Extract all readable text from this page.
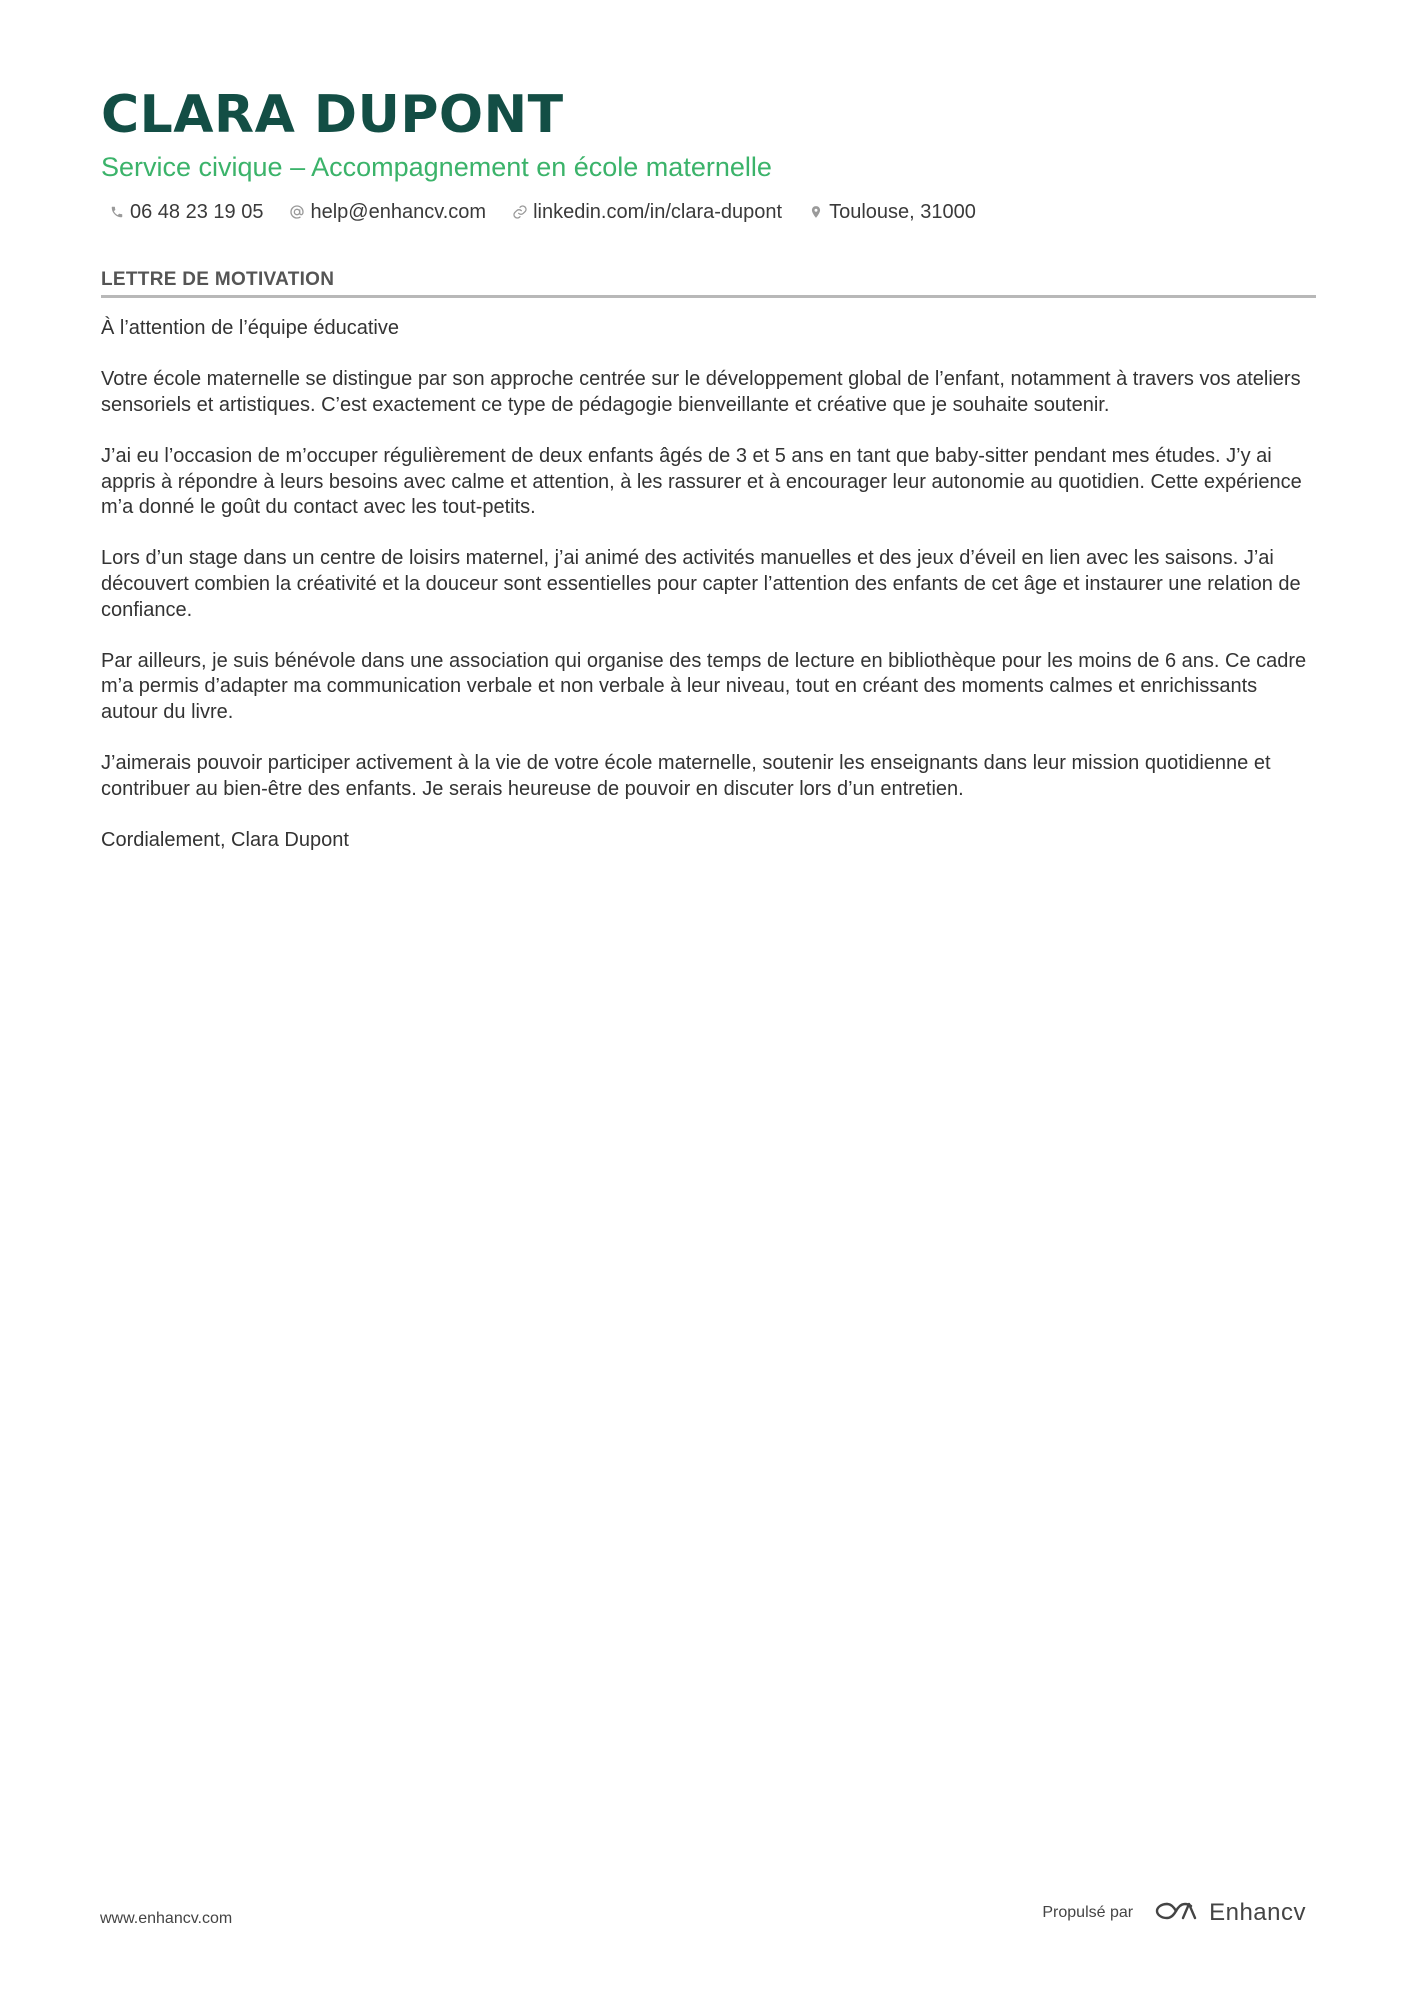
CLARA DUPONT
Service civique – Accompagnement en école maternelle
06 48 23 19 05 help@enhancv.com linkedin.com/in/clara-dupont Toulouse, 31000
LETTRE DE MOTIVATION

À l’attention de l’équipe éducative

Votre école maternelle se distingue par son approche centrée sur le développement global de l’enfant, notamment à travers vos ateliers sensoriels et artistiques. C’est exactement ce type de pédagogie bienveillante et créative que je souhaite soutenir.

J’ai eu l’occasion de m’occuper régulièrement de deux enfants âgés de 3 et 5 ans en tant que baby-sitter pendant mes études. J’y ai appris à répondre à leurs besoins avec calme et attention, à les rassurer et à encourager leur autonomie au quotidien. Cette expérience m’a donné le goût du contact avec les tout-petits.

Lors d’un stage dans un centre de loisirs maternel, j’ai animé des activités manuelles et des jeux d’éveil en lien avec les saisons. J’ai découvert combien la créativité et la douceur sont essentielles pour capter l’attention des enfants de cet âge et instaurer une relation de confiance.

Par ailleurs, je suis bénévole dans une association qui organise des temps de lecture en bibliothèque pour les moins de 6 ans. Ce cadre m’a permis d’adapter ma communication verbale et non verbale à leur niveau, tout en créant des moments calmes et enrichissants autour du livre.

J’aimerais pouvoir participer activement à la vie de votre école maternelle, soutenir les enseignants dans leur mission quotidienne et contribuer au bien-être des enfants. Je serais heureuse de pouvoir en discuter lors d’un entretien.

Cordialement, Clara Dupont

www.enhancv.com	Propulsé par	Enhancv
